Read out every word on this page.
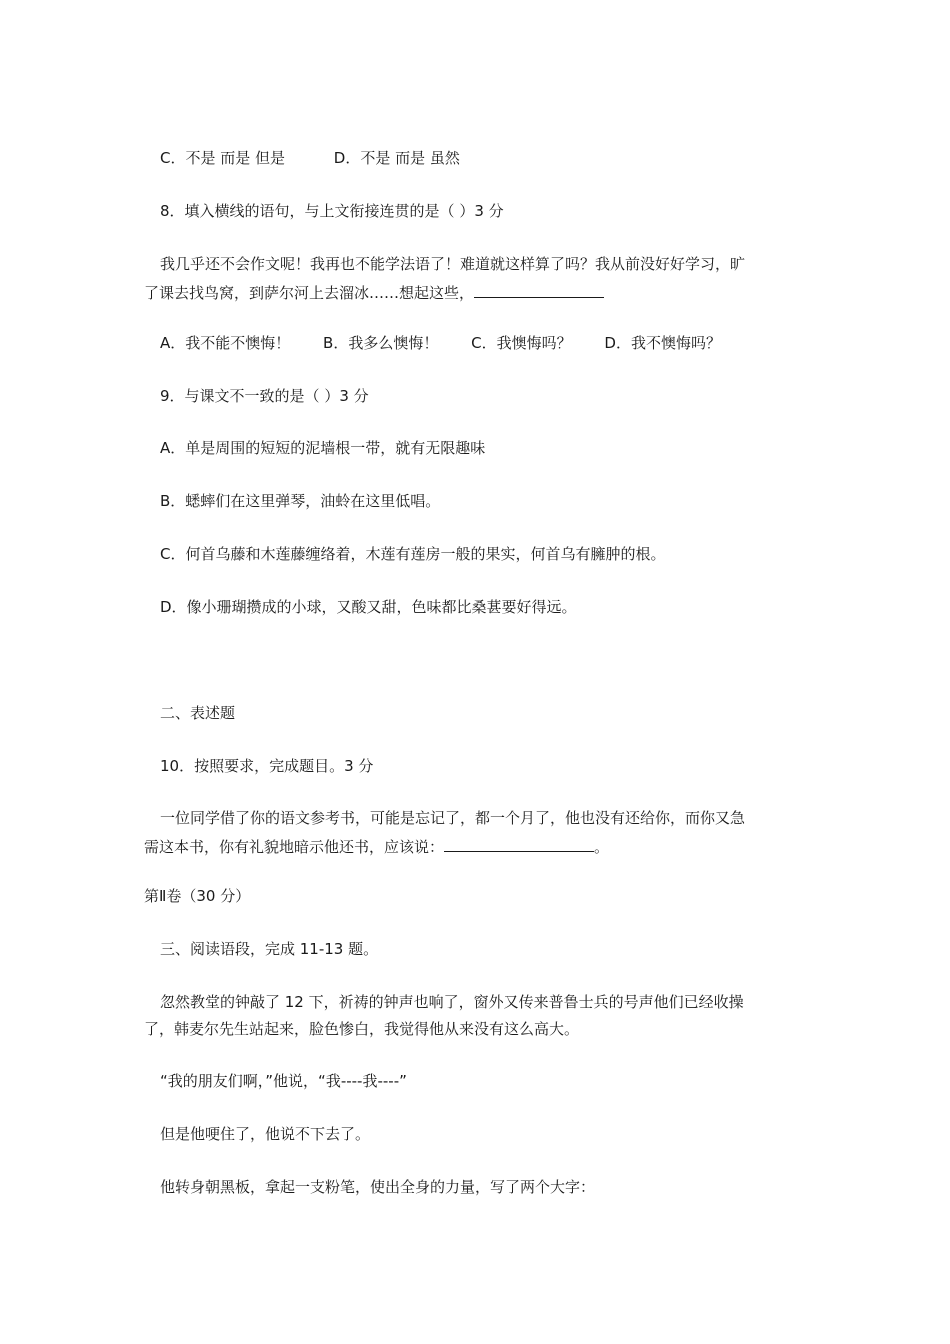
C．不是 而是 但是	D．不是 而是 虽然
8．填入横线的语句，与上文衔接连贯的是（ ）3 分
我几乎还不会作文呢！我再也不能学法语了！难道就这样算了吗？我从前没好好学习，旷
了课去找鸟窝，到萨尔河上去溜冰……想起这些，
A．我不能不懊悔！ B．我多么懊悔！ C．我懊悔吗？ D．我不懊悔吗？
9．与课文不一致的是（ ）3 分
A．单是周围的短短的泥墙根一带，就有无限趣味
B．蟋蟀们在这里弹琴，油蛉在这里低唱。
C．何首乌藤和木莲藤缠络着，木莲有莲房一般的果实，何首乌有臃肿的根。
D．像小珊瑚攒成的小球，又酸又甜，色味都比桑葚要好得远。
二、表述题
10．按照要求，完成题目。3 分
一位同学借了你的语文参考书，可能是忘记了，都一个月了，他也没有还给你，而你又急
需这本书，你有礼貌地暗示他还书，应该说：	。
第Ⅱ卷（30 分）
三、阅读语段，完成 11-13 题。
忽然教堂的钟敲了 12 下，祈祷的钟声也响了，窗外又传来普鲁士兵的号声他们已经收操
了，韩麦尔先生站起来，脸色惨白，我觉得他从来没有这么高大。
“我的朋友们啊，”他说，“我----我----”
但是他哽住了，他说不下去了。
他转身朝黑板，拿起一支粉笔，使出全身的力量，写了两个大字：
